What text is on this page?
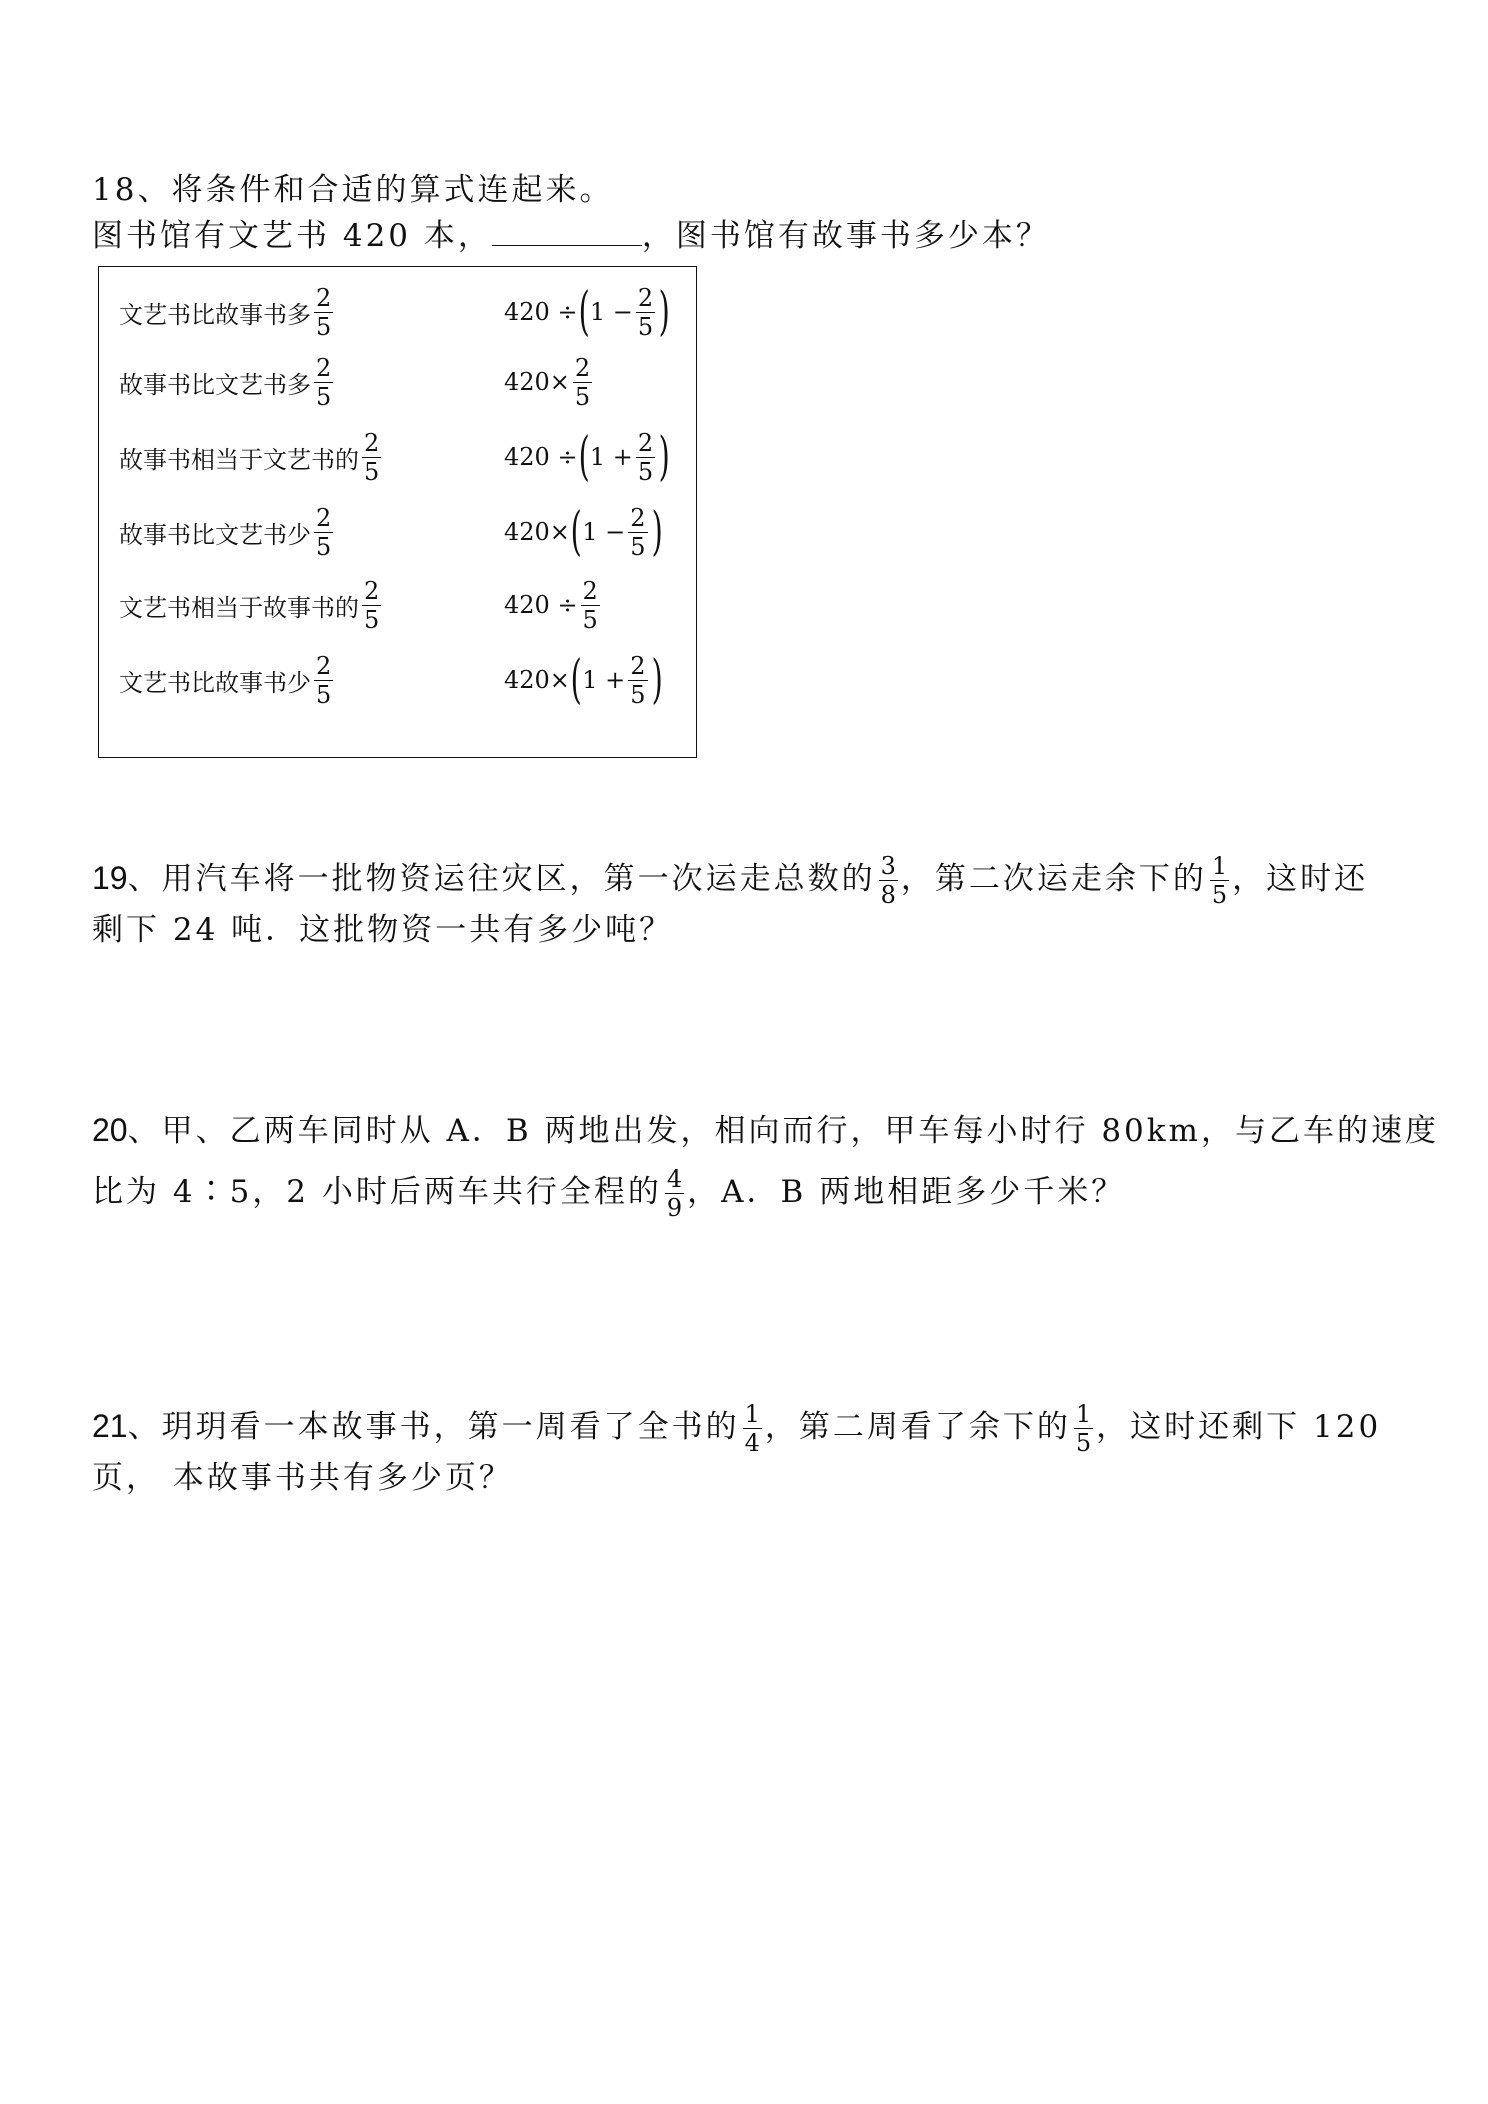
18、将条件和合适的算式连起来。
图书馆有文艺书 420 本，	，图书馆有故事书多少本？
文艺书比故事书多 $\frac{2}{5}$	420 ÷ ( $1 - \frac{2}{5}$ )
故事书比文艺书多 $\frac{2}{5}$	$420\times \frac{2}{5}$
故事书相当于文艺书的 $\frac{2}{5}$	420 ÷ ( $1 + \frac{2}{5}$ )
故事书比文艺书少 $\frac{2}{5}$	420× ( $1 - \frac{2}{5}$ )
文艺书相当于故事书的 $\frac{2}{5}$	$420 \div \frac{2}{5}$
文艺书比故事书少 $\frac{2}{5}$	420× ( $1 + \frac{2}{5}$ )
19、用汽车将一批物资运往灾区，第一次运走总数的 $\frac{3}{8}$ ，第二次运走余下的 $\frac{1}{5}$ ，这时还
剩下 24 吨．这批物资一共有多少吨？
20、甲、乙两车同时从 A．B 两地出发，相向而行，甲车每小时行 80km，与乙车的速度
比为 4∶5，2 小时后两车共行全程的 $\frac{4}{9}$ ，A．B 两地相距多少千米？
21、玥玥看一本故事书，第一周看了全书的 $\frac{1}{4}$ ，第二周看了余下的 $\frac{1}{5}$ ，这时还剩下 120
页， 本故事书共有多少页？
